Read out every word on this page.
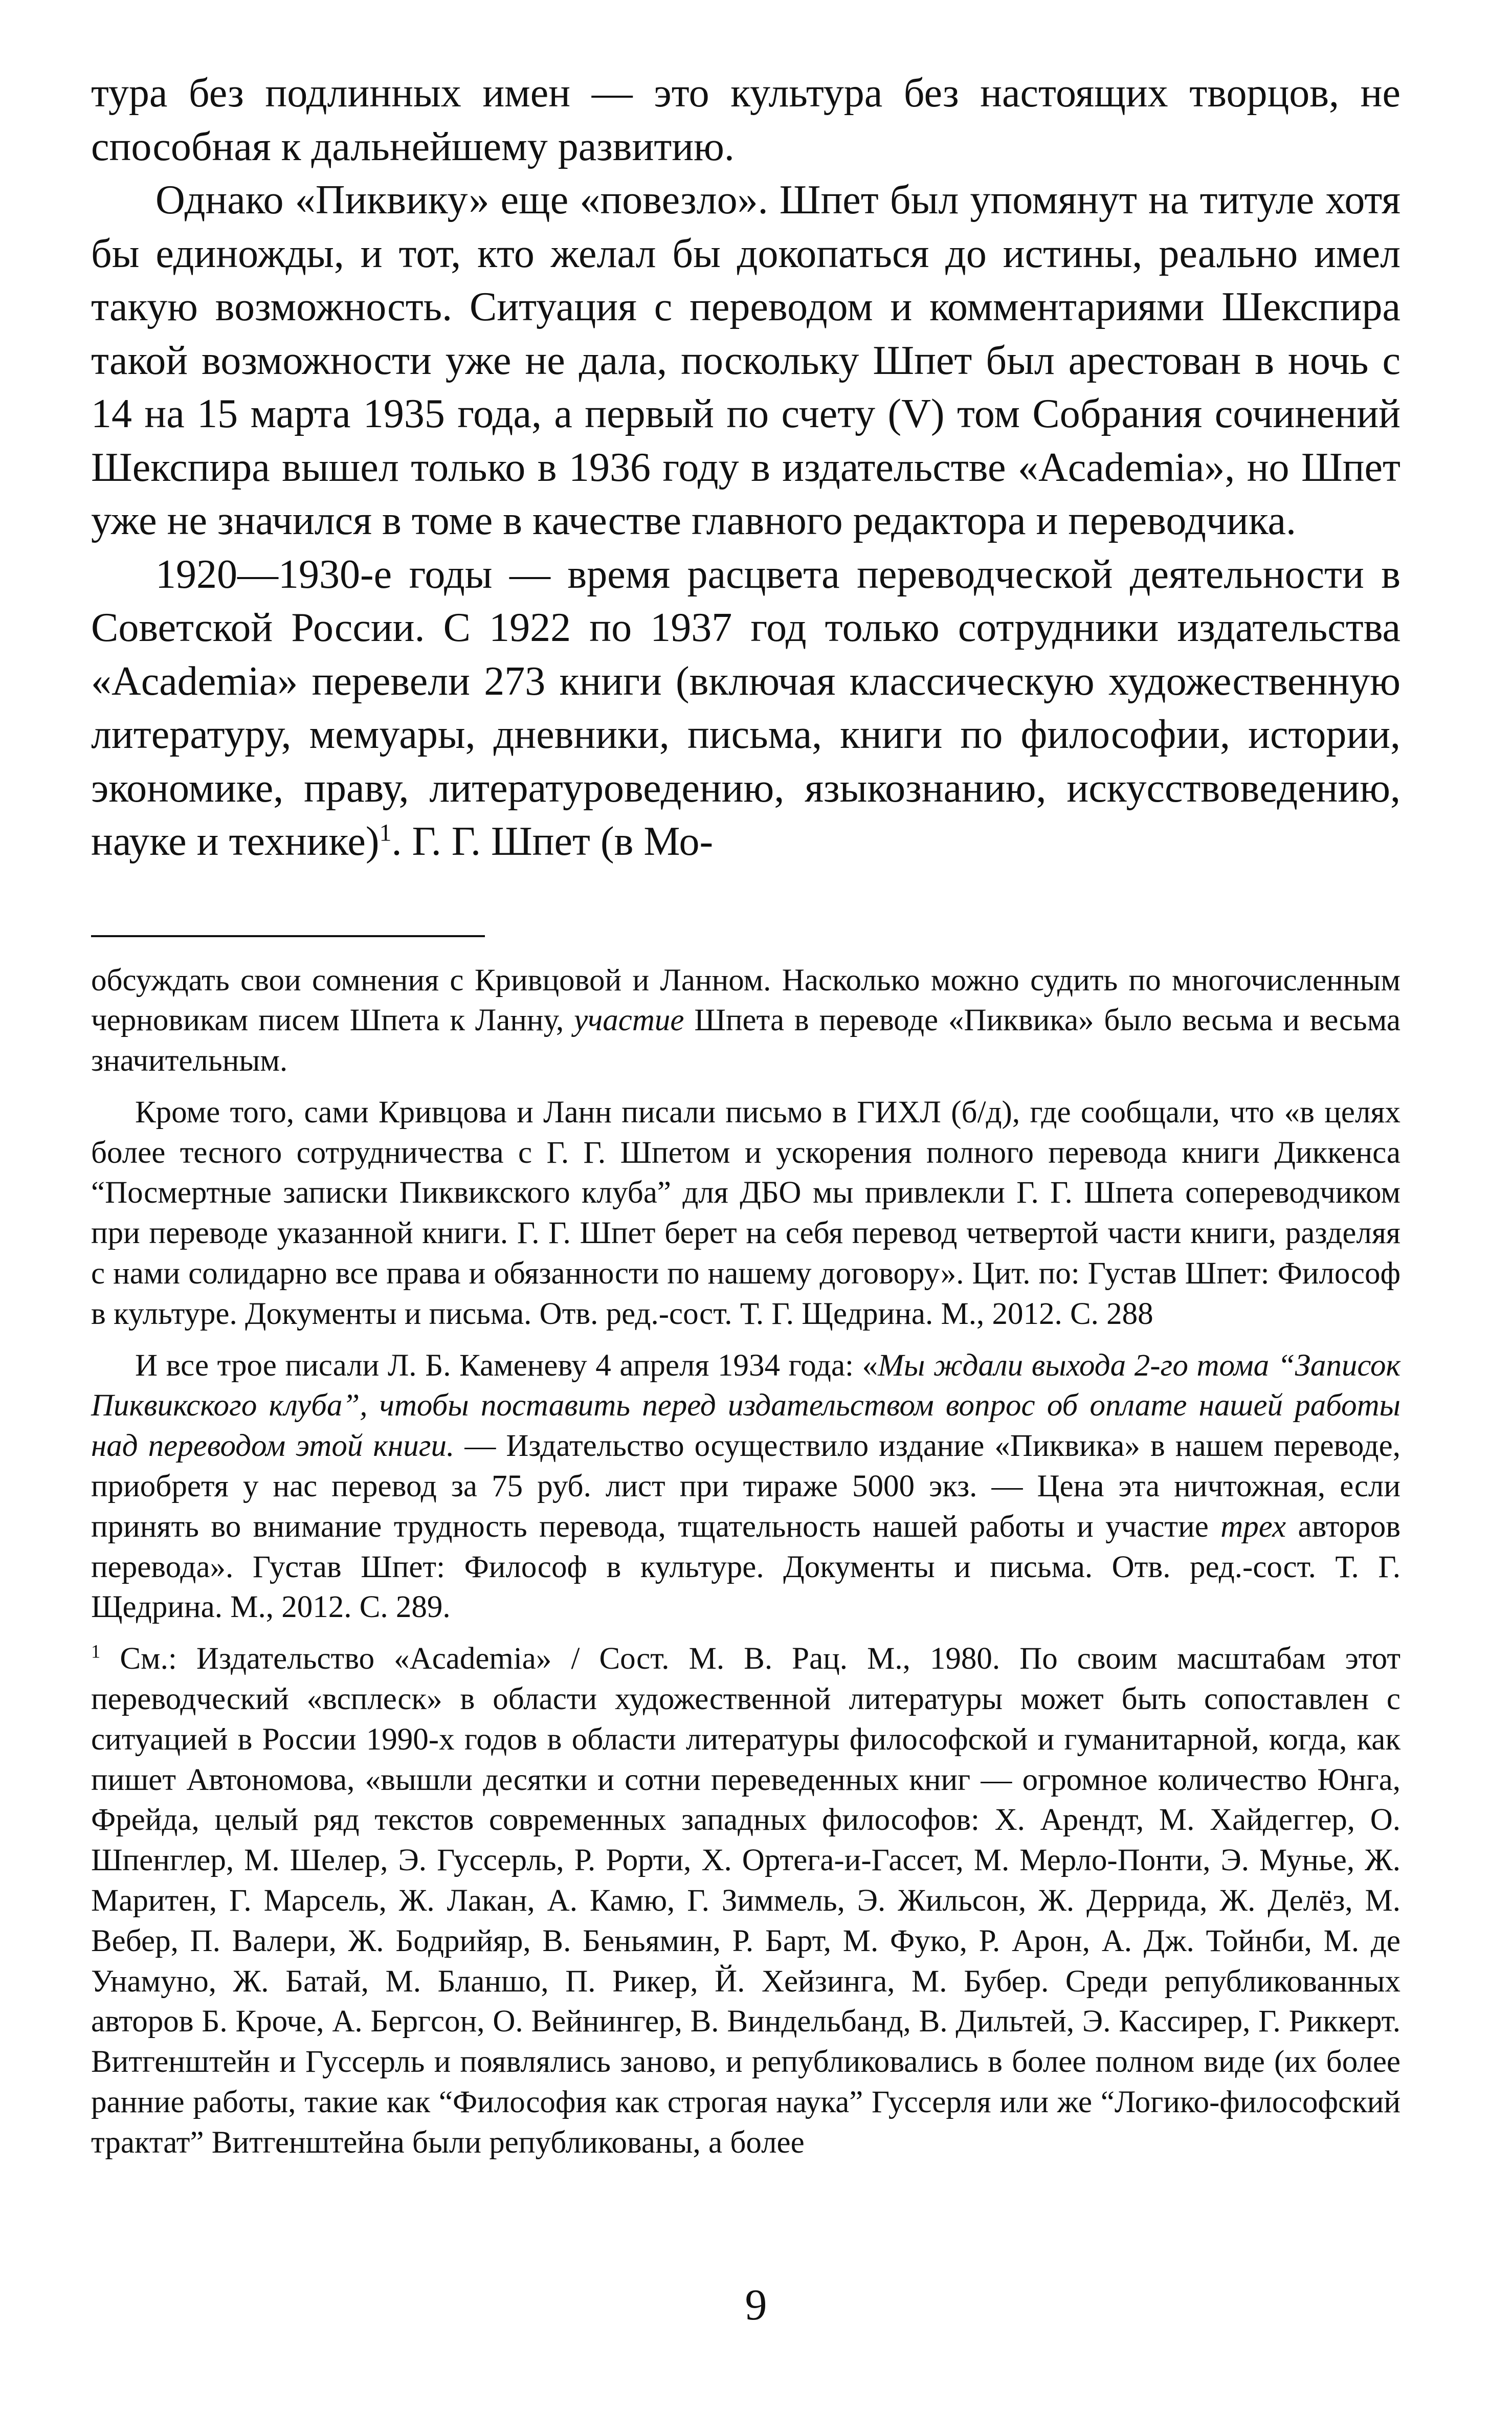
тура без подлинных имен — это культура без настоящих творцов, не способная к дальнейшему развитию.

Однако «Пиквику» еще «повезло». Шпет был упомянут на титуле хотя бы единожды, и тот, кто желал бы докопаться до истины, реально имел такую возможность. Ситуация с переводом и комментариями Шекспира такой возможности уже не дала, поскольку Шпет был арестован в ночь с 14 на 15 марта 1935 года, а первый по счету (V) том Собрания сочинений Шекспира вышел только в 1936 году в издательстве «Academia», но Шпет уже не значился в томе в качестве главного редактора и переводчика.

1920—1930-е годы — время расцвета переводческой деятельности в Советской России. С 1922 по 1937 год только сотрудники издательства «Academia» перевели 273 книги (включая классическую художественную литературу, мемуары, дневники, письма, книги по философии, истории, экономике, праву, литературоведению, языкознанию, искусствоведению, науке и технике)$^1$. Г. Г. Шпет (в Мо-

обсуждать свои сомнения с Кривцовой и Ланном. Насколько можно судить по многочисленным черновикам писем Шпета к Ланну, участие Шпета в переводе «Пиквика» было весьма и весьма значительным.

Кроме того, сами Кривцова и Ланн писали письмо в ГИХЛ (б/д), где сообщали, что «в целях более тесного сотрудничества с Г. Г. Шпетом и ускорения полного перевода книги Диккенса “Посмертные записки Пиквикского клуба” для ДБО мы привлекли Г. Г. Шпета сопереводчиком при переводе указанной книги. Г. Г. Шпет берет на себя перевод четвертой части книги, разделяя с нами солидарно все права и обязанности по нашему договору». Цит. по: Густав Шпет: Философ в культуре. Документы и письма. Отв. ред.-сост. Т. Г. Щедрина. М., 2012. С. 288

И все трое писали Л. Б. Каменеву 4 апреля 1934 года: «Мы ждали выхода 2-го тома “Записок Пиквикского клуба”, чтобы поставить перед издательством вопрос об оплате нашей работы над переводом этой книги. — Издательство осуществило издание «Пиквика» в нашем переводе, приобретя у нас перевод за 75 руб. лист при тираже 5000 экз. — Цена эта ничтожная, если принять во внимание трудность перевода, тщательность нашей работы и участие трех авторов перевода». Густав Шпет: Философ в культуре. Документы и письма. Отв. ред.-сост. Т. Г. Щедрина. М., 2012. С. 289.

$^1$ См.: Издательство «Academia» / Сост. М. В. Рац. М., 1980. По своим масштабам этот переводческий «всплеск» в области художественной литературы может быть сопоставлен с ситуацией в России 1990-х годов в области литературы философской и гуманитарной, когда, как пишет Автономова, «вышли десятки и сотни переведенных книг — огромное количество Юнга, Фрейда, целый ряд текстов современных западных философов: Х. Арендт, М. Хайдеггер, О. Шпенглер, М. Шелер, Э. Гуссерль, Р. Рорти, Х. Ортега-и-Гассет, М. Мерло-Понти, Э. Мунье, Ж. Маритен, Г. Марсель, Ж. Лакан, А. Камю, Г. Зиммель, Э. Жильсон, Ж. Деррида, Ж. Делёз, М. Вебер, П. Валери, Ж. Бодрийяр, В. Беньямин, Р. Барт, М. Фуко, Р. Арон, А. Дж. Тойнби, М. де Унамуно, Ж. Батай, М. Бланшо, П. Рикер, Й. Хейзинга, М. Бубер. Среди републикованных авторов Б. Кроче, А. Бергсон, О. Вейнингер, В. Виндельбанд, В. Дильтей, Э. Кассирер, Г. Риккерт. Витгенштейн и Гуссерль и появлялись заново, и републиковались в более полном виде (их более ранние работы, такие как “Философия как строгая наука” Гуссерля или же “Логико-философский трактат” Витгенштейна были републикованы, а более

9
